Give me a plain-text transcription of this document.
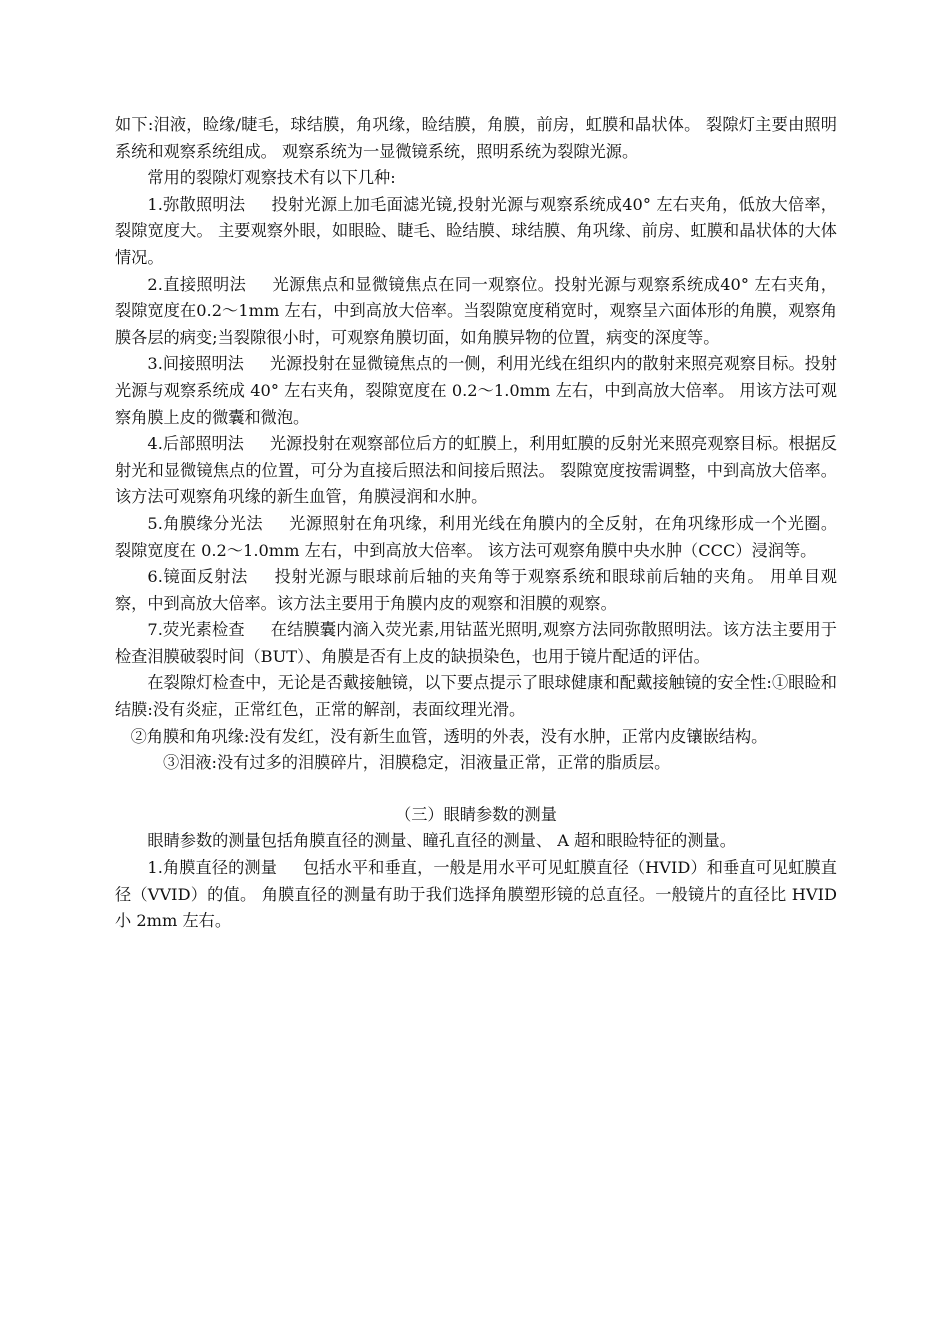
如下:泪液，睑缘/睫毛，球结膜，角巩缘，睑结膜，角膜，前房，虹膜和晶状体。 裂隙灯主要由照明系统和观察系统组成。 观察系统为一显微镜系统，照明系统为裂隙光源。

常用的裂隙灯观察技术有以下几种:

1.弥散照明法 投射光源上加毛面滤光镜,投射光源与观察系统成40° 左右夹角，低放大倍率，裂隙宽度大。 主要观察外眼，如眼睑、睫毛、睑结膜、球结膜、角巩缘、前房、虹膜和晶状体的大体情况。

2.直接照明法 光源焦点和显微镜焦点在同一观察位。投射光源与观察系统成40° 左右夹角，裂隙宽度在0.2～1mm 左右，中到高放大倍率。当裂隙宽度稍宽时，观察呈六面体形的角膜，观察角膜各层的病变;当裂隙很小时，可观察角膜切面，如角膜异物的位置，病变的深度等。

3.间接照明法 光源投射在显微镜焦点的一侧，利用光线在组织内的散射来照亮观察目标。投射光源与观察系统成 40° 左右夹角，裂隙宽度在 0.2～1.0mm 左右，中到高放大倍率。 用该方法可观察角膜上皮的微囊和微泡。

4.后部照明法 光源投射在观察部位后方的虹膜上，利用虹膜的反射光来照亮观察目标。根据反射光和显微镜焦点的位置，可分为直接后照法和间接后照法。 裂隙宽度按需调整，中到高放大倍率。 该方法可观察角巩缘的新生血管，角膜浸润和水肿。

5.角膜缘分光法 光源照射在角巩缘，利用光线在角膜内的全反射，在角巩缘形成一个光圈。 裂隙宽度在 0.2～1.0mm 左右，中到高放大倍率。 该方法可观察角膜中央水肿（CCC）浸润等。

6.镜面反射法 投射光源与眼球前后轴的夹角等于观察系统和眼球前后轴的夹角。 用单目观察，中到高放大倍率。该方法主要用于角膜内皮的观察和泪膜的观察。

7.荧光素检查 在结膜囊内滴入荧光素,用钴蓝光照明,观察方法同弥散照明法。该方法主要用于检查泪膜破裂时间（BUT）、角膜是否有上皮的缺损染色，也用于镜片配适的评估。

在裂隙灯检查中，无论是否戴接触镜，以下要点提示了眼球健康和配戴接触镜的安全性:①眼睑和结膜:没有炎症，正常红色，正常的解剖，表面纹理光滑。

②角膜和角巩缘:没有发红，没有新生血管，透明的外表，没有水肿，正常内皮镶嵌结构。

③泪液:没有过多的泪膜碎片，泪膜稳定，泪液量正常，正常的脂质层。

（三）眼睛参数的测量

眼睛参数的测量包括角膜直径的测量、瞳孔直径的测量、 A 超和眼睑特征的测量。

1.角膜直径的测量 包括水平和垂直，一般是用水平可见虹膜直径（HVID）和垂直可见虹膜直径（VVID）的值。 角膜直径的测量有助于我们选择角膜塑形镜的总直径。一般镜片的直径比 HVID 小 2mm 左右。
